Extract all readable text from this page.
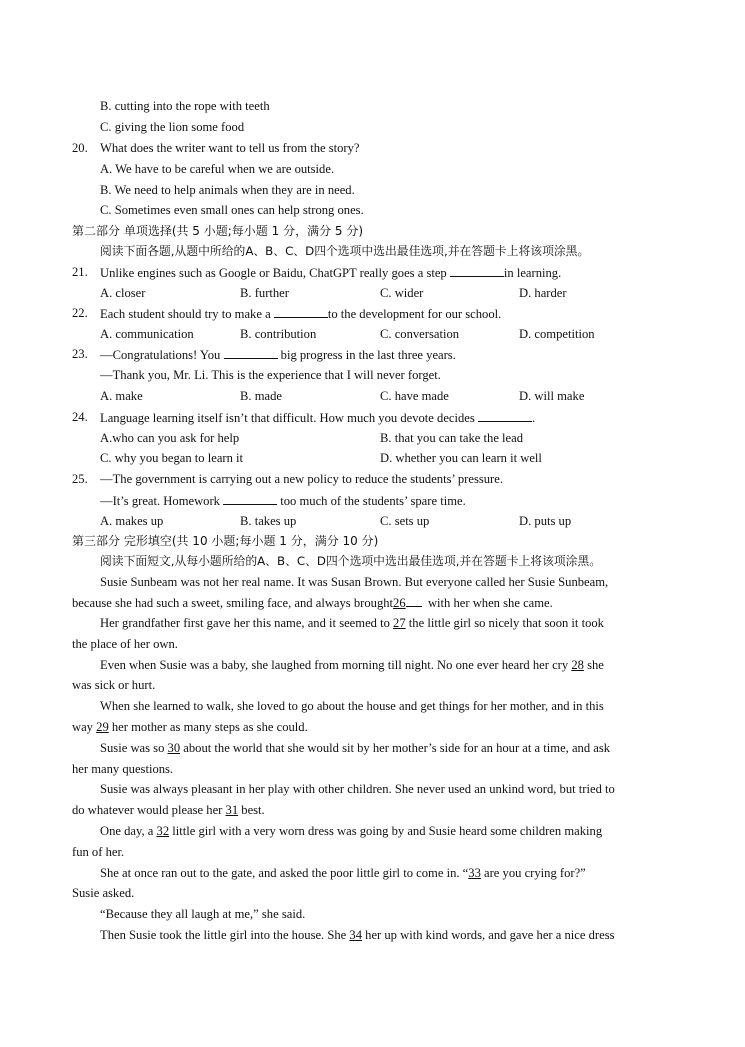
B. cutting into the rope with teeth
C. giving the lion some food
20. What does the writer want to tell us from the story?
A. We have to be careful when we are outside.
B. We need to help animals when they are in need.
C. Sometimes even small ones can help strong ones.
第二部分 单项选择(共 5 小题;每小题 1 分，满分 5 分)
阅读下面各题,从题中所给的A、B、C、D四个选项中选出最佳选项,并在答题卡上将该项涂黑。
21. Unlike engines such as Google or Baidu, ChatGPT really goes a step	in learning.
A. closer	B. further	C. wider	D. harder
22. Each student should try to make a	to the development for our school.
A. communication	B. contribution	C. conversation	D. competition
23. —Congratulations! You	big progress in the last three years.
—Thank you, Mr. Li. This is the experience that I will never forget.
A. make	B. made	C. have made	D. will make
24. Language learning itself isn’t that difficult. How much you devote decides	.
A.who can you ask for help	B. that you can take the lead
C. why you began to learn it	D. whether you can learn it well
25. —The government is carrying out a new policy to reduce the students’ pressure.
—It’s great. Homework	too much of the students’ spare time.
A. makes up	B. takes up	C. sets up	D. puts up
第三部分 完形填空(共 10 小题;每小题 1 分，满分 10 分)
阅读下面短文,从每小题所给的A、B、C、D四个选项中选出最佳选项,并在答题卡上将该项涂黑。
Susie Sunbeam was not her real name. It was Susan Brown. But everyone called her Susie Sunbeam,
because she had such a sweet, smiling face, and always brought26 with her when she came.
Her grandfather first gave her this name, and it seemed to 27 the little girl so nicely that soon it took
the place of her own.
Even when Susie was a baby, she laughed from morning till night. No one ever heard her cry 28 she
was sick or hurt.
When she learned to walk, she loved to go about the house and get things for her mother, and in this
way 29 her mother as many steps as she could.
Susie was so 30 about the world that she would sit by her mother’s side for an hour at a time, and ask
her many questions.
Susie was always pleasant in her play with other children. She never used an unkind word, but tried to
do whatever would please her 31 best.
One day, a 32 little girl with a very worn dress was going by and Susie heard some children making
fun of her.
She at once ran out to the gate, and asked the poor little girl to come in. “33 are you crying for?”
Susie asked.
“Because they all laugh at me,” she said.
Then Susie took the little girl into the house. She 34 her up with kind words, and gave her a nice dress
